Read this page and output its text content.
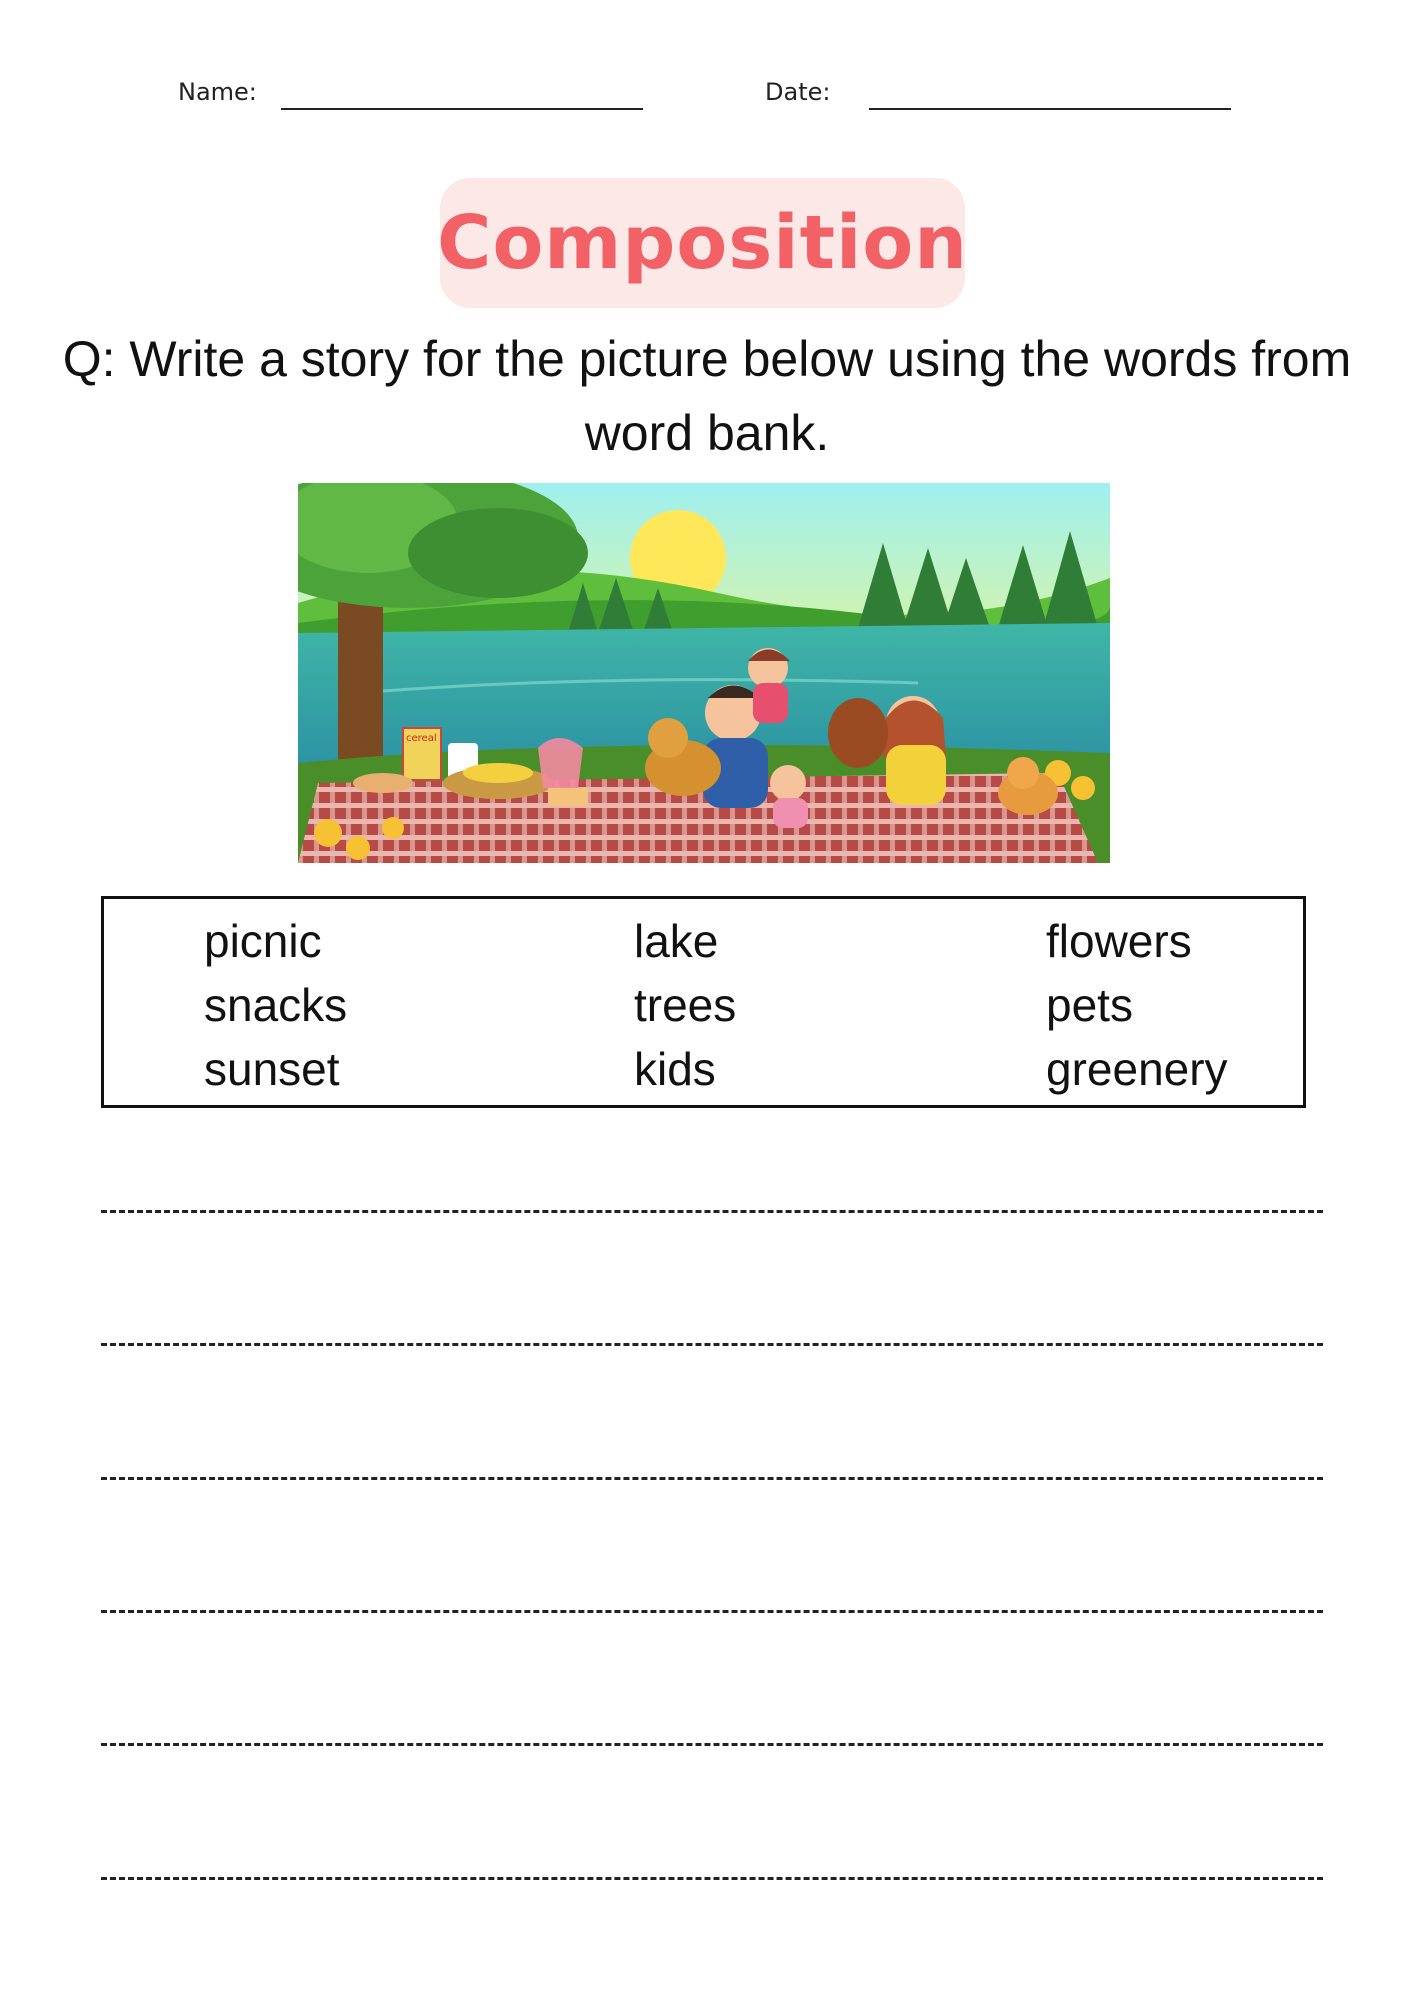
Name:	Date:
Composition
Q: Write a story for the picture below using the words from word bank.
cereal
picnic
snacks
sunset
lake
trees
kids
flowers
pets
greenery
